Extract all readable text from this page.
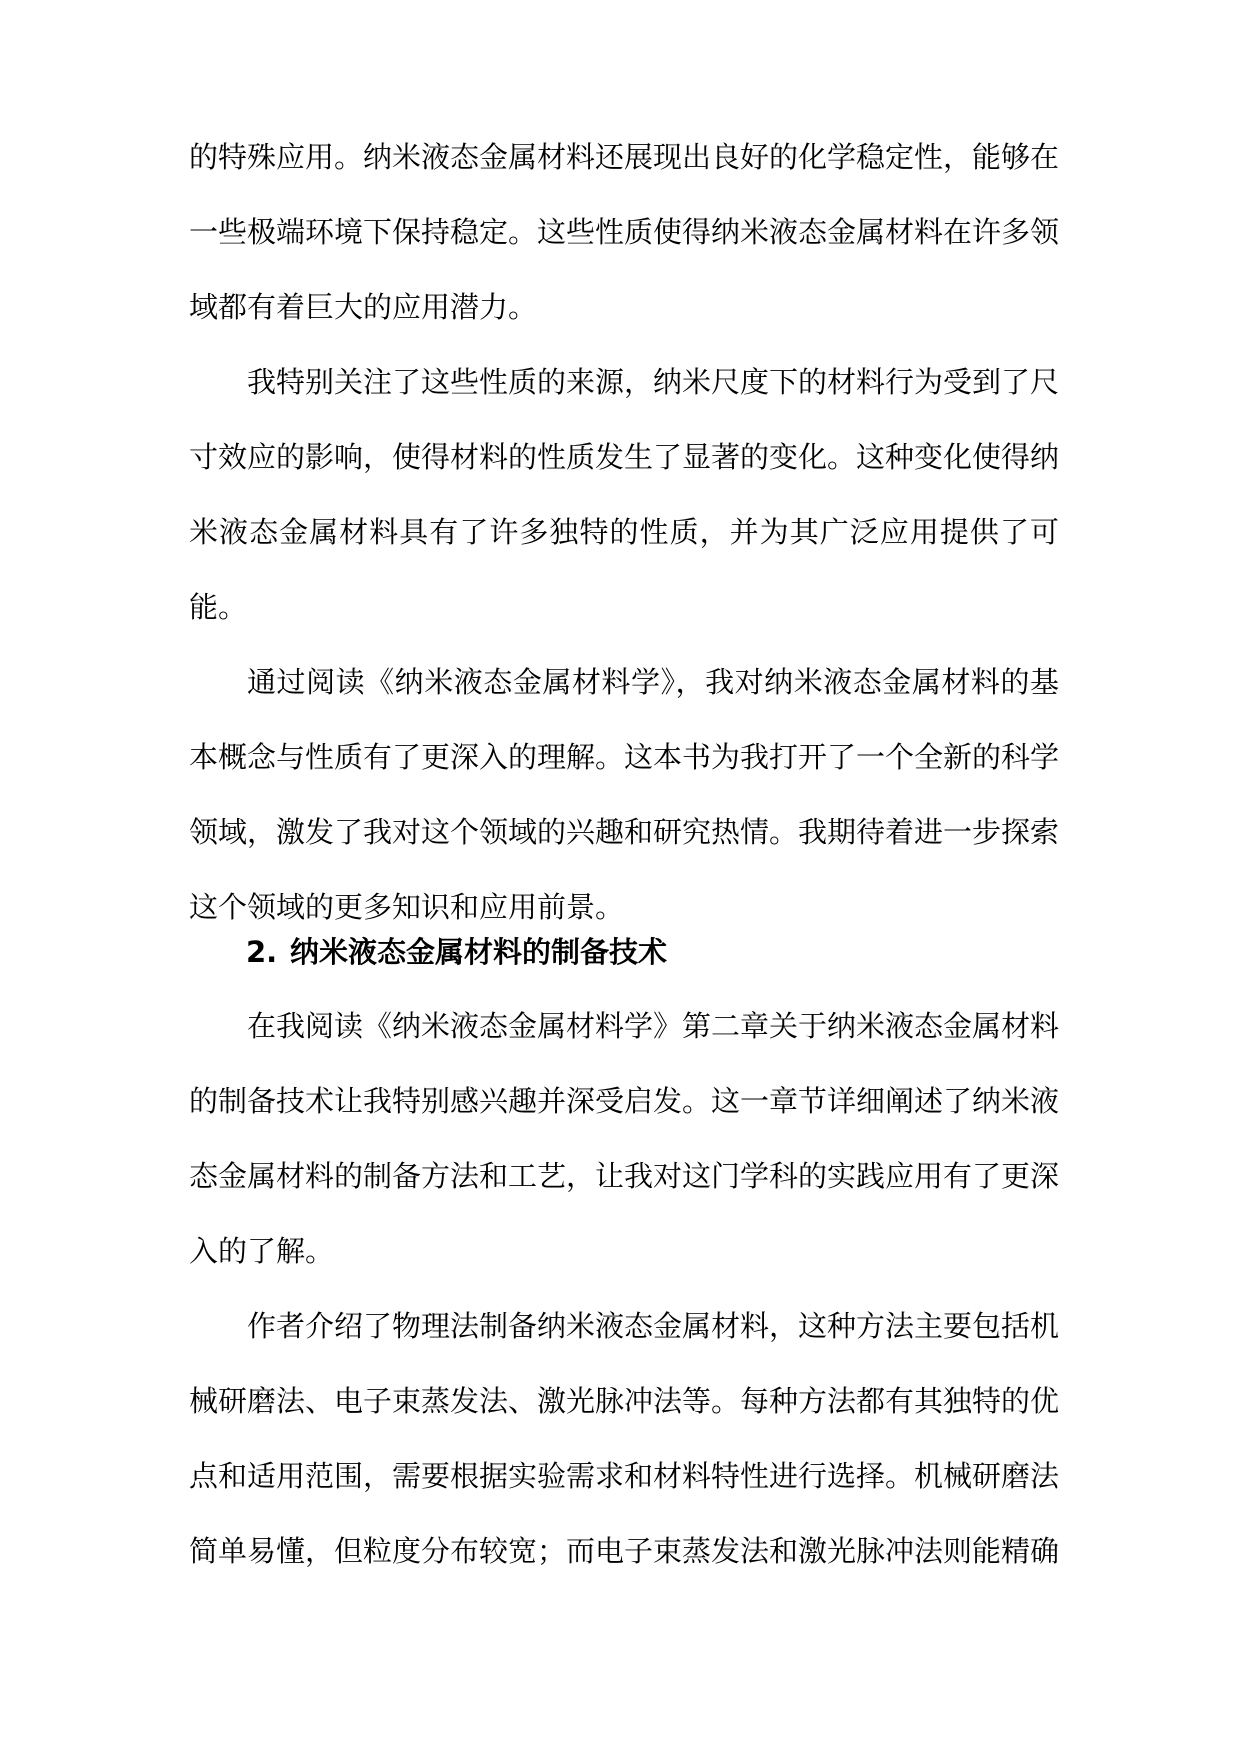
的特殊应用。纳米液态金属材料还展现出良好的化学稳定性，能够在一些极端环境下保持稳定。这些性质使得纳米液态金属材料在许多领域都有着巨大的应用潜力。
我特别关注了这些性质的来源，纳米尺度下的材料行为受到了尺寸效应的影响，使得材料的性质发生了显著的变化。这种变化使得纳米液态金属材料具有了许多独特的性质，并为其广泛应用提供了可能。
通过阅读《纳米液态金属材料学》，我对纳米液态金属材料的基本概念与性质有了更深入的理解。这本书为我打开了一个全新的科学领域，激发了我对这个领域的兴趣和研究热情。我期待着进一步探索这个领域的更多知识和应用前景。
2. 纳米液态金属材料的制备技术
在我阅读《纳米液态金属材料学》第二章关于纳米液态金属材料的制备技术让我特别感兴趣并深受启发。这一章节详细阐述了纳米液态金属材料的制备方法和工艺，让我对这门学科的实践应用有了更深入的了解。
作者介绍了物理法制备纳米液态金属材料，这种方法主要包括机械研磨法、电子束蒸发法、激光脉冲法等。每种方法都有其独特的优点和适用范围，需要根据实验需求和材料特性进行选择。机械研磨法简单易懂，但粒度分布较宽；而电子束蒸发法和激光脉冲法则能精确
